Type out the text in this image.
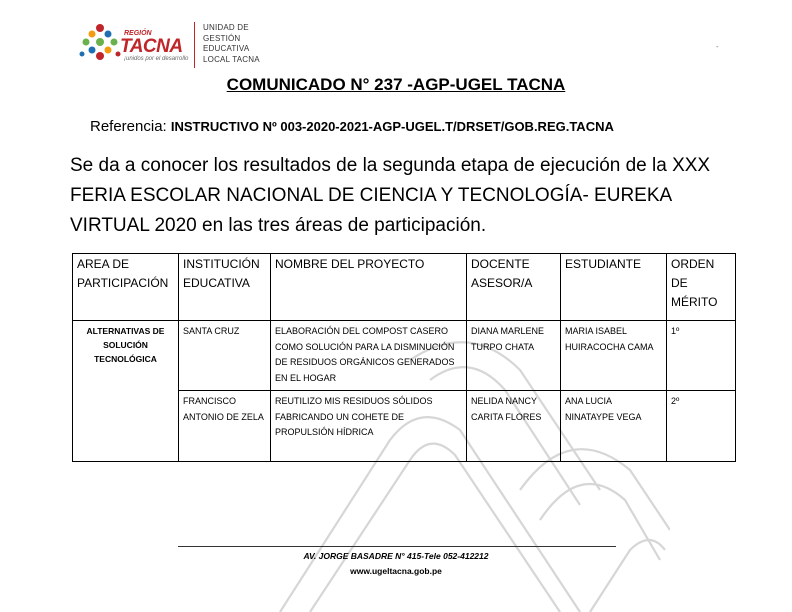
REGIÓN
TACNA
¡unidos por el desarrollo
UNIDAD DE
GESTIÓN
EDUCATIVA
LOCAL TACNA
-
COMUNICADO N° 237 -AGP-UGEL TACNA
Referencia: INSTRUCTIVO Nº 003-2020-2021-AGP-UGEL.T/DRSET/GOB.REG.TACNA
Se da a conocer los resultados de la segunda etapa de ejecución de la XXX FERIA ESCOLAR NACIONAL DE CIENCIA Y TECNOLOGÍA- EUREKA VIRTUAL 2020 en las tres áreas de participación.
AREA DE PARTICIPACIÓN	INSTITUCIÓN EDUCATIVA	NOMBRE DEL PROYECTO	DOCENTE ASESOR/A	ESTUDIANTE	ORDEN DE MÉRITO
ALTERNATIVAS DE SOLUCIÓN TECNOLÓGICA	SANTA CRUZ	ELABORACIÓN DEL COMPOST CASERO COMO SOLUCIÓN PARA LA DISMINUCIÓN DE RESIDUOS ORGÁNICOS GENERADOS EN EL HOGAR	DIANA MARLENE TURPO CHATA	MARIA ISABEL HUIRACOCHA CAMA	1º
	FRANCISCO ANTONIO DE ZELA	REUTILIZO MIS RESIDUOS SÓLIDOS FABRICANDO UN COHETE DE PROPULSIÓN HÍDRICA	NELIDA NANCY CARITA FLORES	ANA LUCIA NINATAYPE VEGA	2º
AV. JORGE BASADRE N° 415-Tele 052-412212
www.ugeltacna.gob.pe
